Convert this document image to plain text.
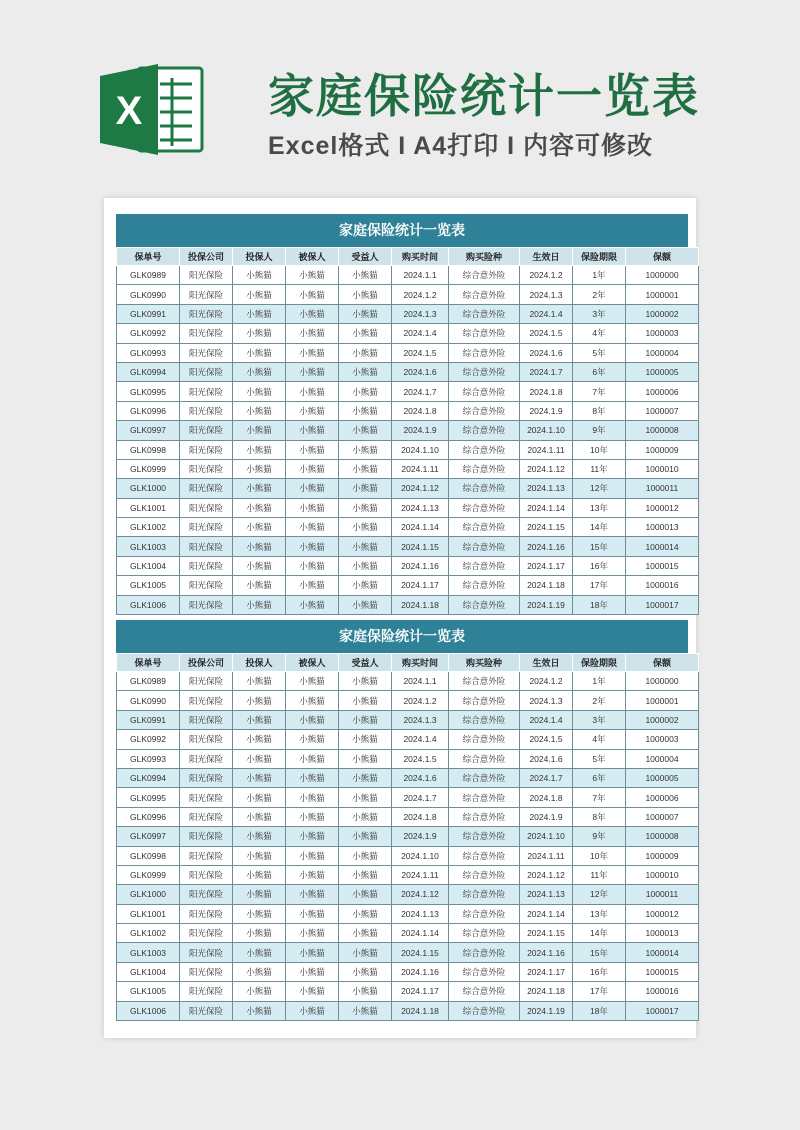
X	家庭保险统计一览表
Excel格式 I A4打印 I 内容可修改
家庭保险统计一览表
保单号	投保公司	投保人	被保人	受益人	购买时间	购买险种	生效日	保险期限	保额
GLK0989	阳光保险	小熊猫	小熊猫	小熊猫	2024.1.1	综合意外险	2024.1.2	1年	1000000
GLK0990	阳光保险	小熊猫	小熊猫	小熊猫	2024.1.2	综合意外险	2024.1.3	2年	1000001
GLK0991	阳光保险	小熊猫	小熊猫	小熊猫	2024.1.3	综合意外险	2024.1.4	3年	1000002
GLK0992	阳光保险	小熊猫	小熊猫	小熊猫	2024.1.4	综合意外险	2024.1.5	4年	1000003
GLK0993	阳光保险	小熊猫	小熊猫	小熊猫	2024.1.5	综合意外险	2024.1.6	5年	1000004
GLK0994	阳光保险	小熊猫	小熊猫	小熊猫	2024.1.6	综合意外险	2024.1.7	6年	1000005
GLK0995	阳光保险	小熊猫	小熊猫	小熊猫	2024.1.7	综合意外险	2024.1.8	7年	1000006
GLK0996	阳光保险	小熊猫	小熊猫	小熊猫	2024.1.8	综合意外险	2024.1.9	8年	1000007
GLK0997	阳光保险	小熊猫	小熊猫	小熊猫	2024.1.9	综合意外险	2024.1.10	9年	1000008
GLK0998	阳光保险	小熊猫	小熊猫	小熊猫	2024.1.10	综合意外险	2024.1.11	10年	1000009
GLK0999	阳光保险	小熊猫	小熊猫	小熊猫	2024.1.11	综合意外险	2024.1.12	11年	1000010
GLK1000	阳光保险	小熊猫	小熊猫	小熊猫	2024.1.12	综合意外险	2024.1.13	12年	1000011
GLK1001	阳光保险	小熊猫	小熊猫	小熊猫	2024.1.13	综合意外险	2024.1.14	13年	1000012
GLK1002	阳光保险	小熊猫	小熊猫	小熊猫	2024.1.14	综合意外险	2024.1.15	14年	1000013
GLK1003	阳光保险	小熊猫	小熊猫	小熊猫	2024.1.15	综合意外险	2024.1.16	15年	1000014
GLK1004	阳光保险	小熊猫	小熊猫	小熊猫	2024.1.16	综合意外险	2024.1.17	16年	1000015
GLK1005	阳光保险	小熊猫	小熊猫	小熊猫	2024.1.17	综合意外险	2024.1.18	17年	1000016
GLK1006	阳光保险	小熊猫	小熊猫	小熊猫	2024.1.18	综合意外险	2024.1.19	18年	1000017
家庭保险统计一览表
保单号	投保公司	投保人	被保人	受益人	购买时间	购买险种	生效日	保险期限	保额
GLK0989	阳光保险	小熊猫	小熊猫	小熊猫	2024.1.1	综合意外险	2024.1.2	1年	1000000
GLK0990	阳光保险	小熊猫	小熊猫	小熊猫	2024.1.2	综合意外险	2024.1.3	2年	1000001
GLK0991	阳光保险	小熊猫	小熊猫	小熊猫	2024.1.3	综合意外险	2024.1.4	3年	1000002
GLK0992	阳光保险	小熊猫	小熊猫	小熊猫	2024.1.4	综合意外险	2024.1.5	4年	1000003
GLK0993	阳光保险	小熊猫	小熊猫	小熊猫	2024.1.5	综合意外险	2024.1.6	5年	1000004
GLK0994	阳光保险	小熊猫	小熊猫	小熊猫	2024.1.6	综合意外险	2024.1.7	6年	1000005
GLK0995	阳光保险	小熊猫	小熊猫	小熊猫	2024.1.7	综合意外险	2024.1.8	7年	1000006
GLK0996	阳光保险	小熊猫	小熊猫	小熊猫	2024.1.8	综合意外险	2024.1.9	8年	1000007
GLK0997	阳光保险	小熊猫	小熊猫	小熊猫	2024.1.9	综合意外险	2024.1.10	9年	1000008
GLK0998	阳光保险	小熊猫	小熊猫	小熊猫	2024.1.10	综合意外险	2024.1.11	10年	1000009
GLK0999	阳光保险	小熊猫	小熊猫	小熊猫	2024.1.11	综合意外险	2024.1.12	11年	1000010
GLK1000	阳光保险	小熊猫	小熊猫	小熊猫	2024.1.12	综合意外险	2024.1.13	12年	1000011
GLK1001	阳光保险	小熊猫	小熊猫	小熊猫	2024.1.13	综合意外险	2024.1.14	13年	1000012
GLK1002	阳光保险	小熊猫	小熊猫	小熊猫	2024.1.14	综合意外险	2024.1.15	14年	1000013
GLK1003	阳光保险	小熊猫	小熊猫	小熊猫	2024.1.15	综合意外险	2024.1.16	15年	1000014
GLK1004	阳光保险	小熊猫	小熊猫	小熊猫	2024.1.16	综合意外险	2024.1.17	16年	1000015
GLK1005	阳光保险	小熊猫	小熊猫	小熊猫	2024.1.17	综合意外险	2024.1.18	17年	1000016
GLK1006	阳光保险	小熊猫	小熊猫	小熊猫	2024.1.18	综合意外险	2024.1.19	18年	1000017
